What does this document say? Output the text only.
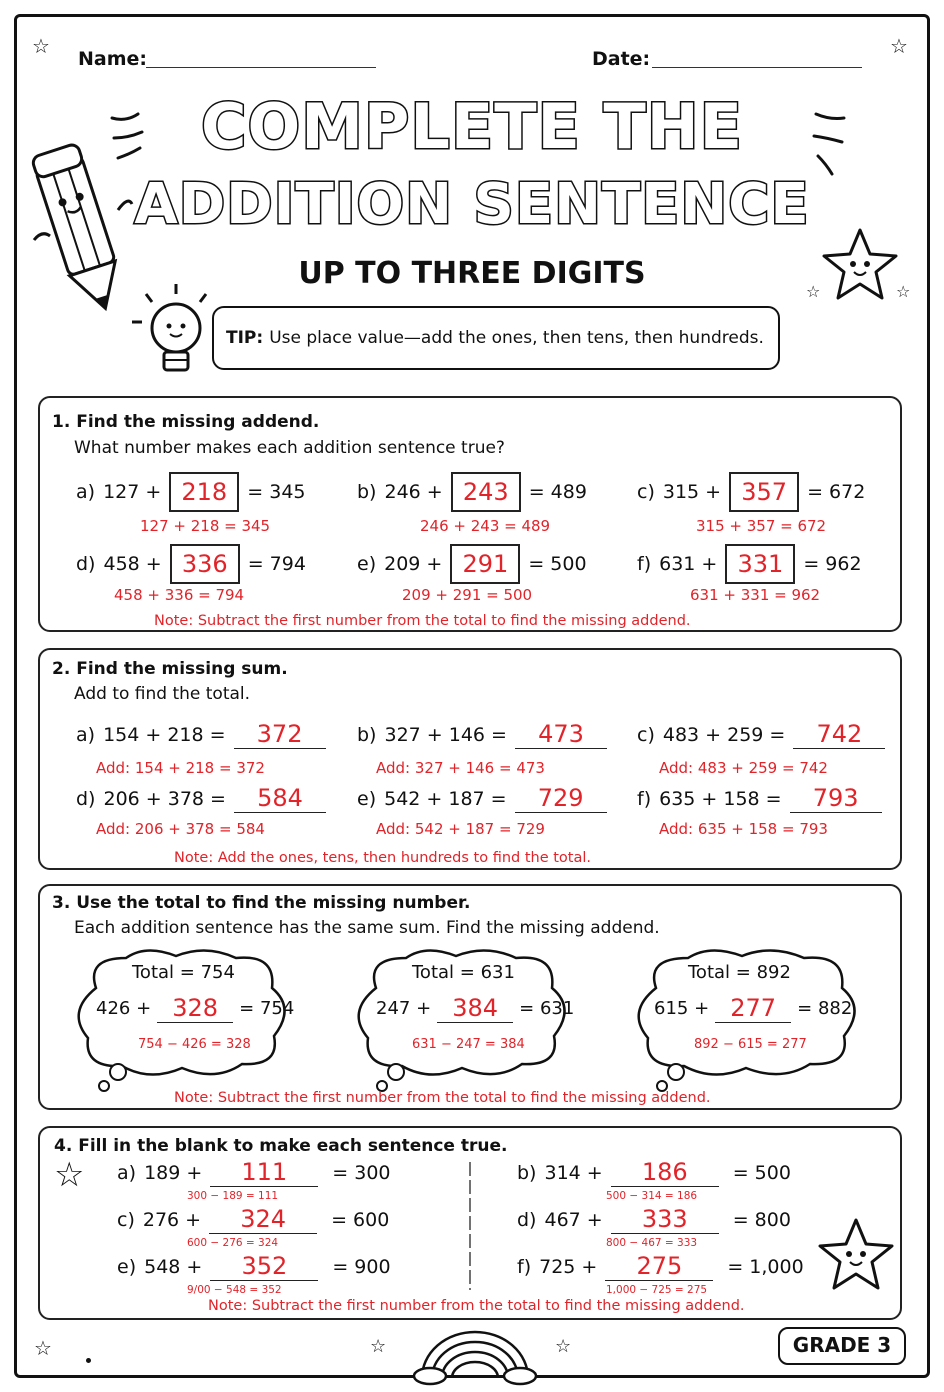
☆	☆
☆	☆	☆
☆	☆
Name:	Date:
COMPLETE THE
ADDITION SENTENCE
UP TO THREE DIGITS
TIP: Use place value—add the ones, then tens, then hundreds.
1. Find the missing addend.
What number makes each addition sentence true?
a) 127 + 218	= 345
127 + 218 = 345
b) 246 + 243	= 489
246 + 243 = 489
c) 315 + 357	= 672
315 + 357 = 672
d) 458 + 336	= 794
458 + 336 = 794
e) 209 + 291	= 500
209 + 291 = 500
f) 631 + 331	= 962
631 + 331 = 962
Note: Subtract the first number from the total to find the missing addend.
2. Find the missing sum.
Add to find the total.
a) 154 + 218 =	372
Add: 154 + 218 = 372
b) 327 + 146 =	473
Add: 327 + 146 = 473
c) 483 + 259 =	742
Add: 483 + 259 = 742
d) 206 + 378 =	584
Add: 206 + 378 = 584
e) 542 + 187 =	729
Add: 542 + 187 = 729
f) 635 + 158 =	793
Add: 635 + 158 = 793
Note: Add the ones, tens, then hundreds to find the total.
3. Use the total to find the missing number.
Each addition sentence has the same sum. Find the missing addend.
Total = 754
426 + 328	= 754
754 − 426 = 328
Total = 631
247 + 384	= 631
631 − 247 = 384
Total = 892
615 + 277	= 882
892 − 615 = 277
Note: Subtract the first number from the total to find the missing addend.
4. Fill in the blank to make each sentence true.
☆ a) 189 +	111	= 300
300 − 189 = 111
b) 314 +	186	= 500
500 − 314 = 186
c) 276 +	324	= 600
600 − 276 = 324
d) 467 +	333	= 800
800 − 467 = 333
e) 548 +	352	= 900
9/00 − 548 = 352
f) 725 +	275	= 1,000
1,000 − 725 = 275
Note: Subtract the first number from the total to find the missing addend.
GRADE 3
